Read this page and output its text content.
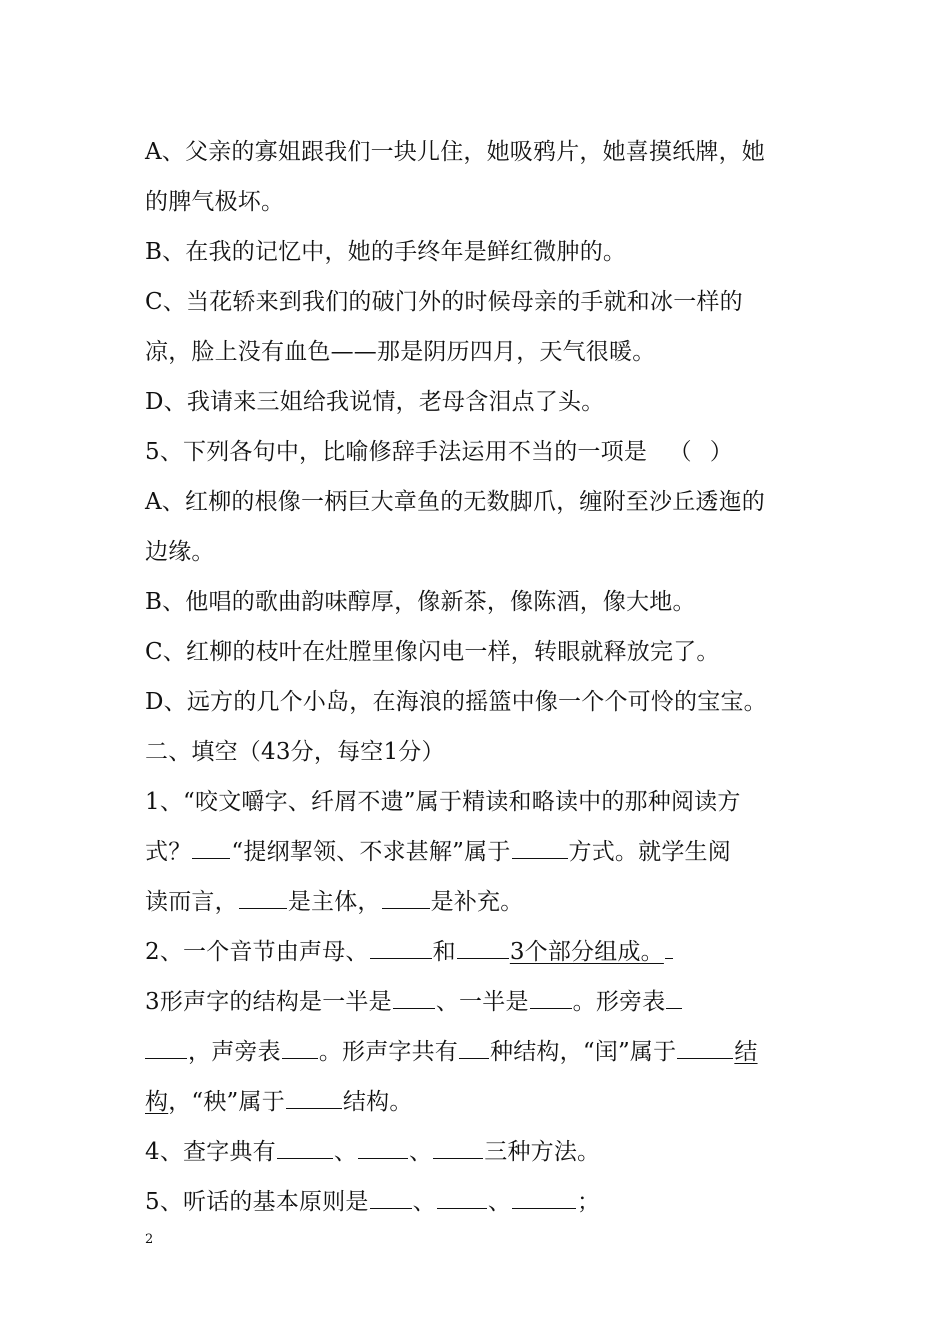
A、父亲的寡姐跟我们一块儿住，她吸鸦片，她喜摸纸牌，她
的脾气极坏。
B、在我的记忆中，她的手终年是鲜红微肿的。
C、当花轿来到我们的破门外的时候母亲的手就和冰一样的
凉，脸上没有血色——那是阴历四月，天气很暖。
D、我请来三姐给我说情，老母含泪点了头。
5、下列各句中，比喻修辞手法运用不当的一项是 （ ）
A、红柳的根像一柄巨大章鱼的无数脚爪，缠附至沙丘透迤的
边缘。
B、他唱的歌曲韵味醇厚，像新茶，像陈酒，像大地。
C、红柳的枝叶在灶膛里像闪电一样，转眼就释放完了。
D、远方的几个小岛，在海浪的摇篮中像一个个可怜的宝宝。
二、填空（43分，每空1分）
1、“咬文嚼字、纤屑不遗”属于精读和略读中的那种阅读方
式？ “提纲挈领、不求甚解”属于	方式。就学生阅
读而言， 是主体， 是补充。
2、一个音节由声母、	和 3个部分组成。
3形声字的结构是一半是 、一半是 。形旁表
，声旁表 。形声字共有 种结构，“闰”属于	结
构，“秧”属于	结构。
4、查字典有	、 、 三种方法。
5、听话的基本原则是 、 、	；
2
